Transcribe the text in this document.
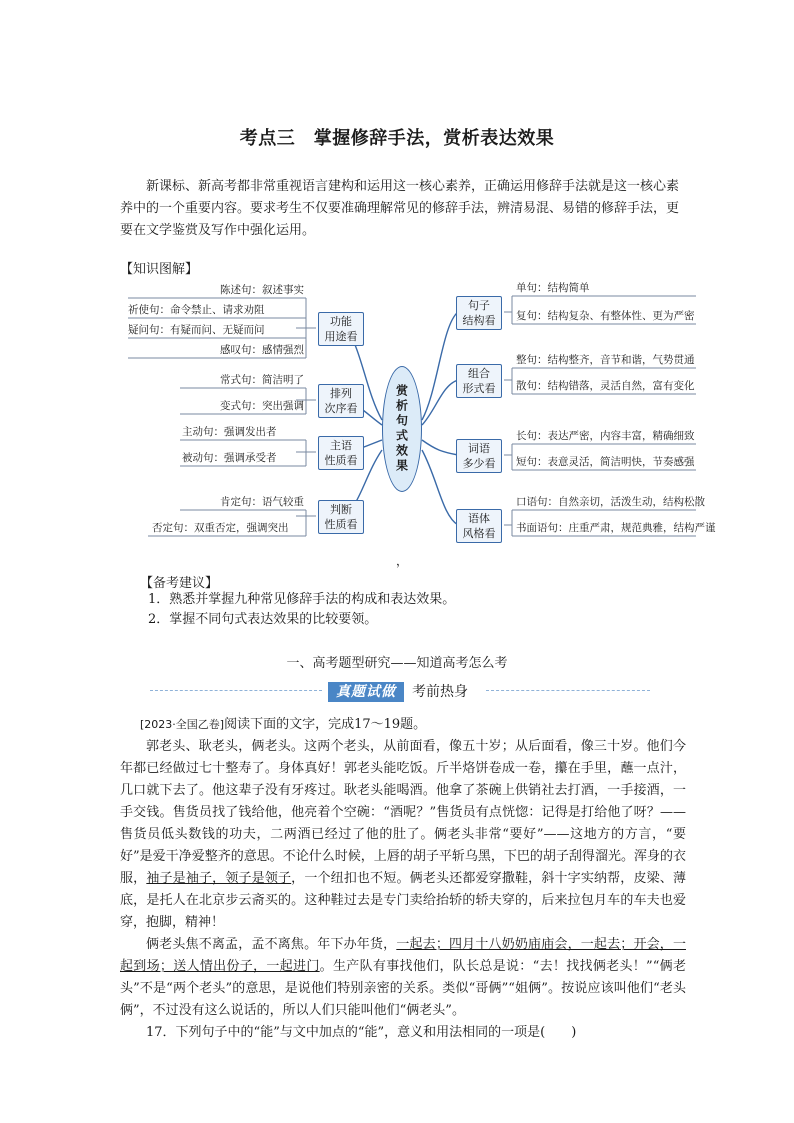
考点三　掌握修辞手法，赏析表达效果

新课标、新高考都非常重视语言建构和运用这一核心素养，正确运用修辞手法就是这一核心素养中的一个重要内容。要求考生不仅要准确理解常见的修辞手法，辨清易混、易错的修辞手法，更要在文学鉴赏及写作中强化运用。

【知识图解】
陈述句：叙述事实
祈使句：命令禁止、请求劝阻
疑问句：有疑而问、无疑而问
感叹句：感情强烈
常式句：简洁明了
变式句：突出强调
主动句：强调发出者
被动句：强调承受者
肯定句：语气较重
否定句：双重否定，强调突出
功能
用途看
排列
次序看
主语
性质看
判断
性质看
赏析句式效果
句子
结构看
组合
形式看
词语
多少看
语体
风格看
单句：结构简单
复句：结构复杂、有整体性、更为严密
整句：结构整齐，音节和谐，气势贯通
散句：结构错落，灵活自然，富有变化
长句：表达严密，内容丰富，精确细致
短句：表意灵活，简洁明快，节奏感强
口语句：自然亲切，活泼生动，结构松散
书面语句：庄重严肃，规范典雅，结构严谨
，
【备考建议】
1．熟悉并掌握九种常见修辞手法的构成和表达效果。
2．掌握不同句式表达效果的比较要领。
一、高考题型研究——知道高考怎么考
真题试做	考前热身

[2023·全国乙卷]阅读下面的文字，完成17～19题。

郭老头、耿老头，俩老头。这两个老头，从前面看，像五十岁；从后面看，像三十岁。他们今年都已经做过七十整寿了。身体真好！郭老头能吃饭。斤半烙饼卷成一卷，攥在手里，蘸一点汁，几口就下去了。他这辈子没有牙疼过。耿老头能喝酒。他拿了茶碗上供销社去打酒，一手接酒，一手交钱。售货员找了钱给他，他亮着个空碗：“酒呢？”售货员有点恍惚：记得是打给他了呀？——售货员低头数钱的功夫，二两酒已经过了他的肚了。俩老头非常“要好”——这地方的方言，“要好”是爱干净爱整齐的意思。不论什么时候，上唇的胡子平斩乌黑，下巴的胡子刮得溜光。浑身的衣服，袖子是袖子，领子是领子，一个纽扣也不短。俩老头还都爱穿撒鞋，斜十字实纳帮，皮梁、薄底，是托人在北京步云斋买的。这种鞋过去是专门卖给抬轿的轿夫穿的，后来拉包月车的车夫也爱穿，抱脚，精神！

俩老头焦不离孟，孟不离焦。年下办年货，一起去；四月十八奶奶庙庙会，一起去；开会，一起到场；送人情出份子，一起进门。生产队有事找他们，队长总是说：“去！找找俩老头！”“俩老头”不是“两个老头”的意思，是说他们特别亲密的关系。类似“哥俩”“姐俩”。按说应该叫他们“老头俩”，不过没有这么说话的，所以人们只能叫他们“俩老头”。

17．下列句子中的“能”与文中加点的“能”，意义和用法相同的一项是(　　)
